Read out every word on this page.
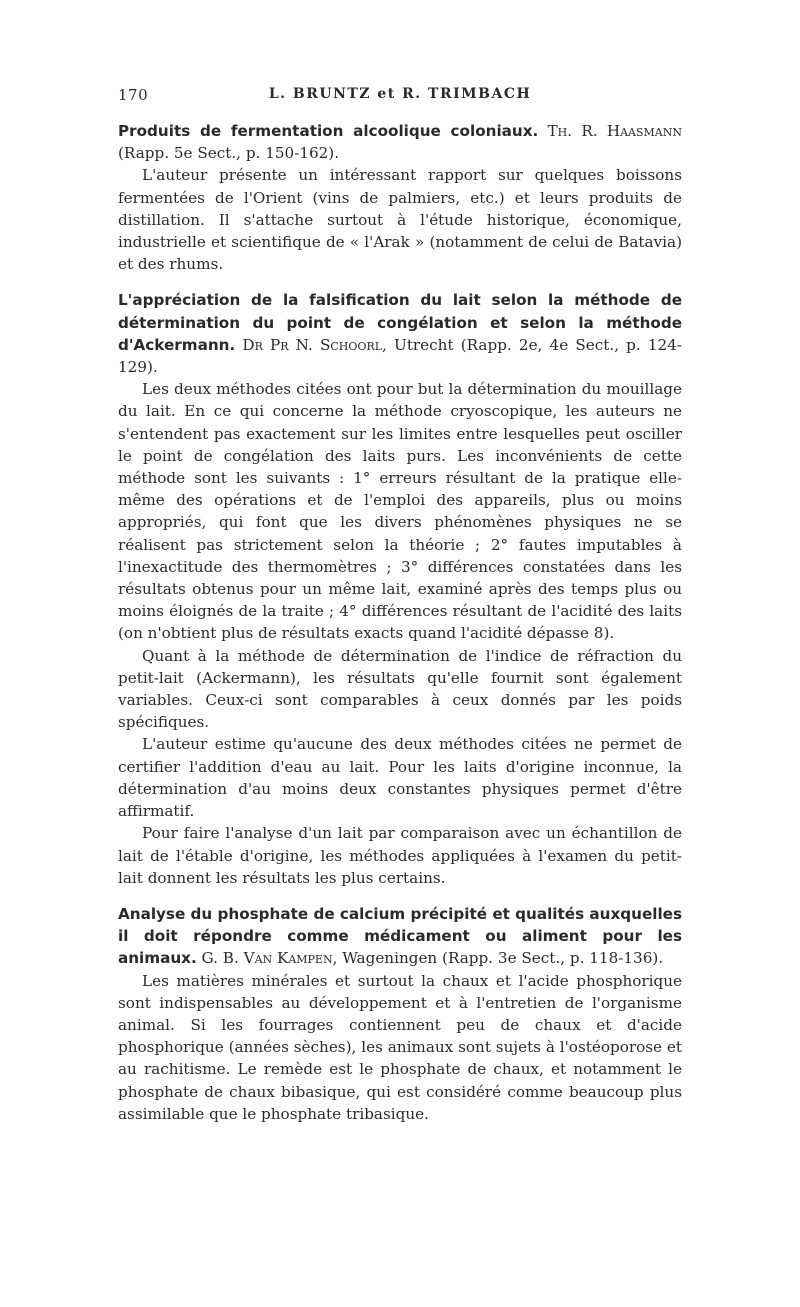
170	L. BRUNTZ et R. TRIMBACH

Produits de fermentation alcoolique coloniaux. Th. R. Haasmann (Rapp. 5e Sect., p. 150-162).

L'auteur présente un intéressant rapport sur quelques boissons fermentées de l'Orient (vins de palmiers, etc.) et leurs produits de distillation. Il s'attache surtout à l'étude historique, économique, industrielle et scientifique de « l'Arak » (notamment de celui de Batavia) et des rhums.

L'appréciation de la falsification du lait selon la méthode de détermination du point de congélation et selon la méthode d'Ackermann. Dr Pr N. Schoorl, Utrecht (Rapp. 2e, 4e Sect., p. 124-129).

Les deux méthodes citées ont pour but la détermination du mouillage du lait. En ce qui concerne la méthode cryoscopique, les auteurs ne s'entendent pas exactement sur les limites entre lesquelles peut osciller le point de congélation des laits purs. Les inconvénients de cette méthode sont les suivants : 1° erreurs résultant de la pratique elle-même des opérations et de l'emploi des appareils, plus ou moins appropriés, qui font que les divers phénomènes physiques ne se réalisent pas strictement selon la théorie ; 2° fautes imputables à l'inexactitude des thermomètres ; 3° différences constatées dans les résultats obtenus pour un même lait, examiné après des temps plus ou moins éloignés de la traite ; 4° différences résultant de l'acidité des laits (on n'obtient plus de résultats exacts quand l'acidité dépasse 8).

Quant à la méthode de détermination de l'indice de réfraction du petit-lait (Ackermann), les résultats qu'elle fournit sont également variables. Ceux-ci sont comparables à ceux donnés par les poids spécifiques.

L'auteur estime qu'aucune des deux méthodes citées ne permet de certifier l'addition d'eau au lait. Pour les laits d'origine inconnue, la détermination d'au moins deux constantes physiques permet d'être affirmatif.

Pour faire l'analyse d'un lait par comparaison avec un échantillon de lait de l'étable d'origine, les méthodes appliquées à l'examen du petit-lait donnent les résultats les plus certains.

Analyse du phosphate de calcium précipité et qualités auxquelles il doit répondre comme médicament ou aliment pour les animaux. G. B. Van Kampen, Wageningen (Rapp. 3e Sect., p. 118-136).

Les matières minérales et surtout la chaux et l'acide phosphorique sont indispensables au développement et à l'entretien de l'organisme animal. Si les fourrages contiennent peu de chaux et d'acide phosphorique (années sèches), les animaux sont sujets à l'ostéoporose et au rachitisme. Le remède est le phosphate de chaux, et notamment le phosphate de chaux bibasique, qui est considéré comme beaucoup plus assimilable que le phosphate tribasique.
